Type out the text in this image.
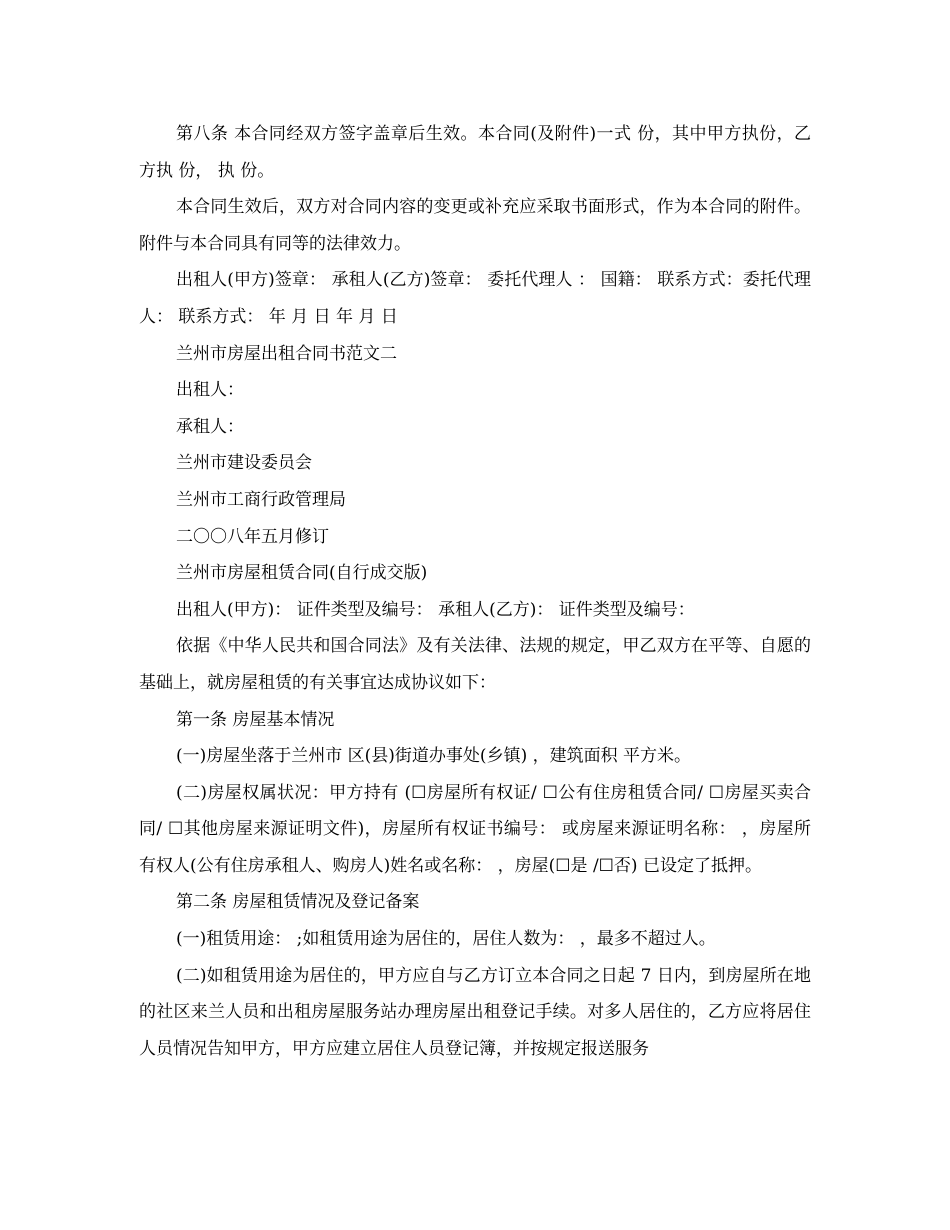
第八条 本合同经双方签字盖章后生效。本合同(及附件)一式 份，其中甲方执份，乙方执 份， 执 份。

本合同生效后，双方对合同内容的变更或补充应采取书面形式，作为本合同的附件。附件与本合同具有同等的法律效力。

出租人(甲方)签章： 承租人(乙方)签章： 委托代理人 ： 国籍： 联系方式：委托代理人： 联系方式： 年 月 日 年 月 日

兰州市房屋出租合同书范文二

出租人：

承租人：

兰州市建设委员会

兰州市工商行政管理局

二〇〇八年五月修订

兰州市房屋租赁合同(自行成交版)

出租人(甲方)： 证件类型及编号： 承租人(乙方)： 证件类型及编号：

依据《中华人民共和国合同法》及有关法律、法规的规定，甲乙双方在平等、自愿的基础上，就房屋租赁的有关事宜达成协议如下：

第一条 房屋基本情况

(一)房屋坐落于兰州市 区(县)街道办事处(乡镇) ，建筑面积 平方米。

(二)房屋权属状况：甲方持有 (☐房屋所有权证/ ☐公有住房租赁合同/ ☐房屋买卖合同/ ☐其他房屋来源证明文件)，房屋所有权证书编号： 或房屋来源证明名称： ，房屋所有权人(公有住房承租人、购房人)姓名或名称： ，房屋(☐是 /☐否) 已设定了抵押。

第二条 房屋租赁情况及登记备案

(一)租赁用途： ;如租赁用途为居住的，居住人数为： ，最多不超过人。

(二)如租赁用途为居住的，甲方应自与乙方订立本合同之日起 7 日内，到房屋所在地的社区来兰人员和出租房屋服务站办理房屋出租登记手续。对多人居住的，乙方应将居住人员情况告知甲方，甲方应建立居住人员登记簿，并按规定报送服务
